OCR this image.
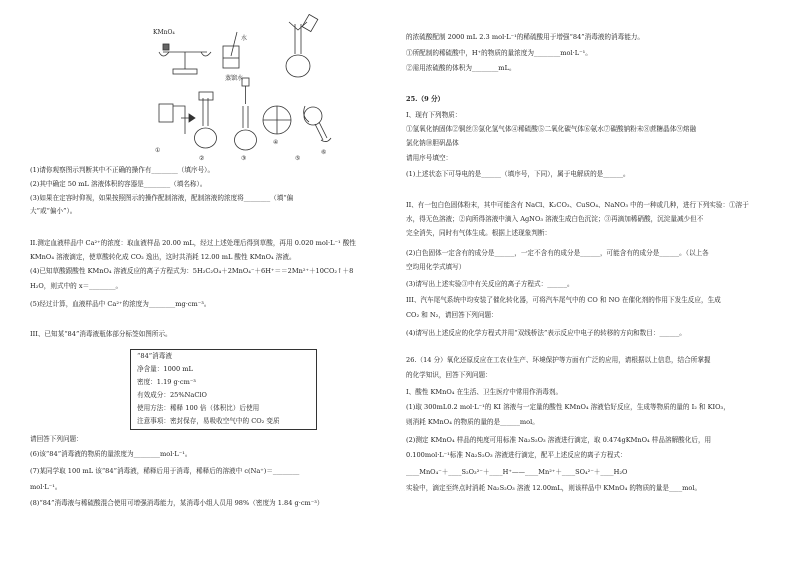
KMnO₄
水
蒸馏水
①
②	③
④
⑤
⑥
(1)请你观察图示判断其中不正确的操作有________（填序号）。
(2)其中确定 50 mL 溶液体积的容器是________（填名称）。
(3)如果在定容时仰视，如果按照图示的操作配制溶液，配制溶液的浓度将________（填“偏
大”或“偏小”）。
II.测定血液样品中 Ca²⁺的浓度：取血液样品 20.00 mL，经过上述处理后得到草酸，再用 0.020 mol·L⁻¹ 酸性
KMnO₄ 溶液滴定，使草酸转化成 CO₂ 逸出，这时共消耗 12.00 mL 酸性 KMnO₄ 溶液。
(4)已知草酸跟酸性 KMnO₄ 溶液反应的离子方程式为：5H₂C₂O₄＋2MnO₄⁻＋6H⁺＝＝2Mn²⁺＋10CO₂↑＋8
H₂O，则式中的 x＝________。
(5)经过计算，血液样品中 Ca²⁺的浓度为________mg·cm⁻³。
III、已知某“84”消毒液瓶体部分标签如图所示。
“84”消毒液
净含量：1000 mL
密度：1.19 g·cm⁻³
有效成分：25%NaClO
使用方法：稀释 100 倍（体积比）后使用
注意事项：密封保存，易吸收空气中的 CO₂ 变质
请回答下列问题：
(6)该“84”消毒液的物质的量浓度为________mol·L⁻¹。
(7)某同学取 100 mL 该“84”消毒液，稀释后用于消毒，稀释后的溶液中 c(Na⁺)＝________
mol·L⁻¹。
(8)“84”消毒液与稀硫酸混合使用可增强消毒能力，某消毒小组人员用 98%（密度为 1.84 g·cm⁻³）
的浓硫酸配制 2000 mL 2.3 mol·L⁻¹的稀硫酸用于增强“84”消毒液的消毒能力。
①所配制的稀硫酸中，H⁺的物质的量浓度为________mol·L⁻¹。
②需用浓硫酸的体积为________mL。
25.（9 分）
I、现有下列物质：
①氢氧化钠固体②铜丝③氯化氢气体④稀硫酸⑤二氧化碳气体⑥氨水⑦碳酸钠粉末⑧蔗糖晶体⑨熔融
氯化钠⑩胆矾晶体
请用序号填空：
(1)上述状态下可导电的是______（填序号，下同），属于电解质的是______。
II、有一包白色固体粉末，其中可能含有 NaCl、K₂CO₃、CuSO₄、NaNO₃ 中的一种或几种，进行下列实验：①溶于
水，得无色溶液；②向所得溶液中滴入 AgNO₃ 溶液生成白色沉淀；③再滴加稀硝酸，沉淀量减少但不
完全消失，同时有气体生成。根据上述现象判断：
(2)白色固体一定含有的成分是______，一定不含有的成分是______，可能含有的成分是______。（以上各
空均用化学式填写）
(3)请写出上述实验③中有关反应的离子方程式：______。
III、汽车尾气系统中均安装了催化转化器，可将汽车尾气中的 CO 和 NO 在催化剂的作用下发生反应，生成
CO₂ 和 N₂，请回答下列问题：
(4)请写出上述反应的化学方程式并用“双线桥法”表示反应中电子的转移的方向和数目：______。
26.（14 分）氧化还原反应在工农业生产、环境保护等方面有广泛的应用，请根据以上信息，结合所掌握
的化学知识，回答下列问题：
I、酸性 KMnO₄ 在生活、卫生医疗中常用作消毒剂。
(1)取 300mL0.2 mol·L⁻¹的 KI 溶液与一定量的酸性 KMnO₄ 溶液恰好反应，生成等物质的量的 I₂ 和 KIO₃，
则消耗 KMnO₄ 的物质的量的是______mol。
(2)测定 KMnO₄ 样品的纯度可用标准 Na₂S₂O₃ 溶液进行滴定，取 0.474gKMnO₄ 样品溶解酸化后，用
0.100mol·L⁻¹标准 Na₂S₂O₃ 溶液进行滴定，配平上述反应的离子方程式：
____MnO₄⁻＋____S₂O₃²⁻＋____H⁺——____Mn²⁺＋____SO₄²⁻＋____H₂O
实验中，滴定至终点时消耗 Na₂S₂O₃ 溶液 12.00mL，则该样品中 KMnO₄ 的物质的量是____mol。
